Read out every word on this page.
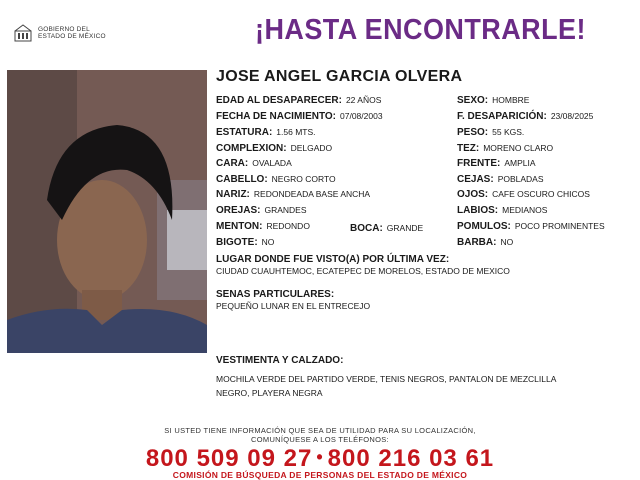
GOBIERNO DEL
ESTADO DE MÉXICO	¡HASTA ENCONTRARLE!
JOSE ANGEL GARCIA OLVERA
EDAD AL DESAPARECER: 22 AÑOS	SEXO: HOMBRE
FECHA DE NACIMIENTO: 07/08/2003	F. DESAPARICIÓN: 23/08/2025
ESTATURA: 1.56 MTS.	PESO: 55 KGS.
COMPLEXION: DELGADO	TEZ: MORENO CLARO
CARA: OVALADA	FRENTE: AMPLIA
CABELLO: NEGRO CORTO	CEJAS: POBLADAS
NARIZ: REDONDEADA BASE ANCHA	OJOS: CAFE OSCURO CHICOS
OREJAS: GRANDES	LABIOS: MEDIANOS
MENTON: REDONDO	BOCA: GRANDE	POMULOS: POCO PROMINENTES
BIGOTE: NO	BARBA: NO
LUGAR DONDE FUE VISTO(A) POR ÚLTIMA VEZ:
CIUDAD CUAUHTEMOC, ECATEPEC DE MORELOS, ESTADO DE MEXICO
SENAS PARTICULARES:
PEQUEÑO LUNAR EN EL ENTRECEJO
VESTIMENTA Y CALZADO:
MOCHILA VERDE DEL PARTIDO VERDE, TENIS NEGROS, PANTALON DE MEZCLILLA
NEGRO, PLAYERA NEGRA
SI USTED TIENE INFORMACIÓN QUE SEA DE UTILIDAD PARA SU LOCALIZACIÓN,
COMUNÍQUESE A LOS TELÉFONOS:
800 509 09 27 • 800 216 03 61
COMISIÓN DE BÚSQUEDA DE PERSONAS DEL ESTADO DE MÉXICO
